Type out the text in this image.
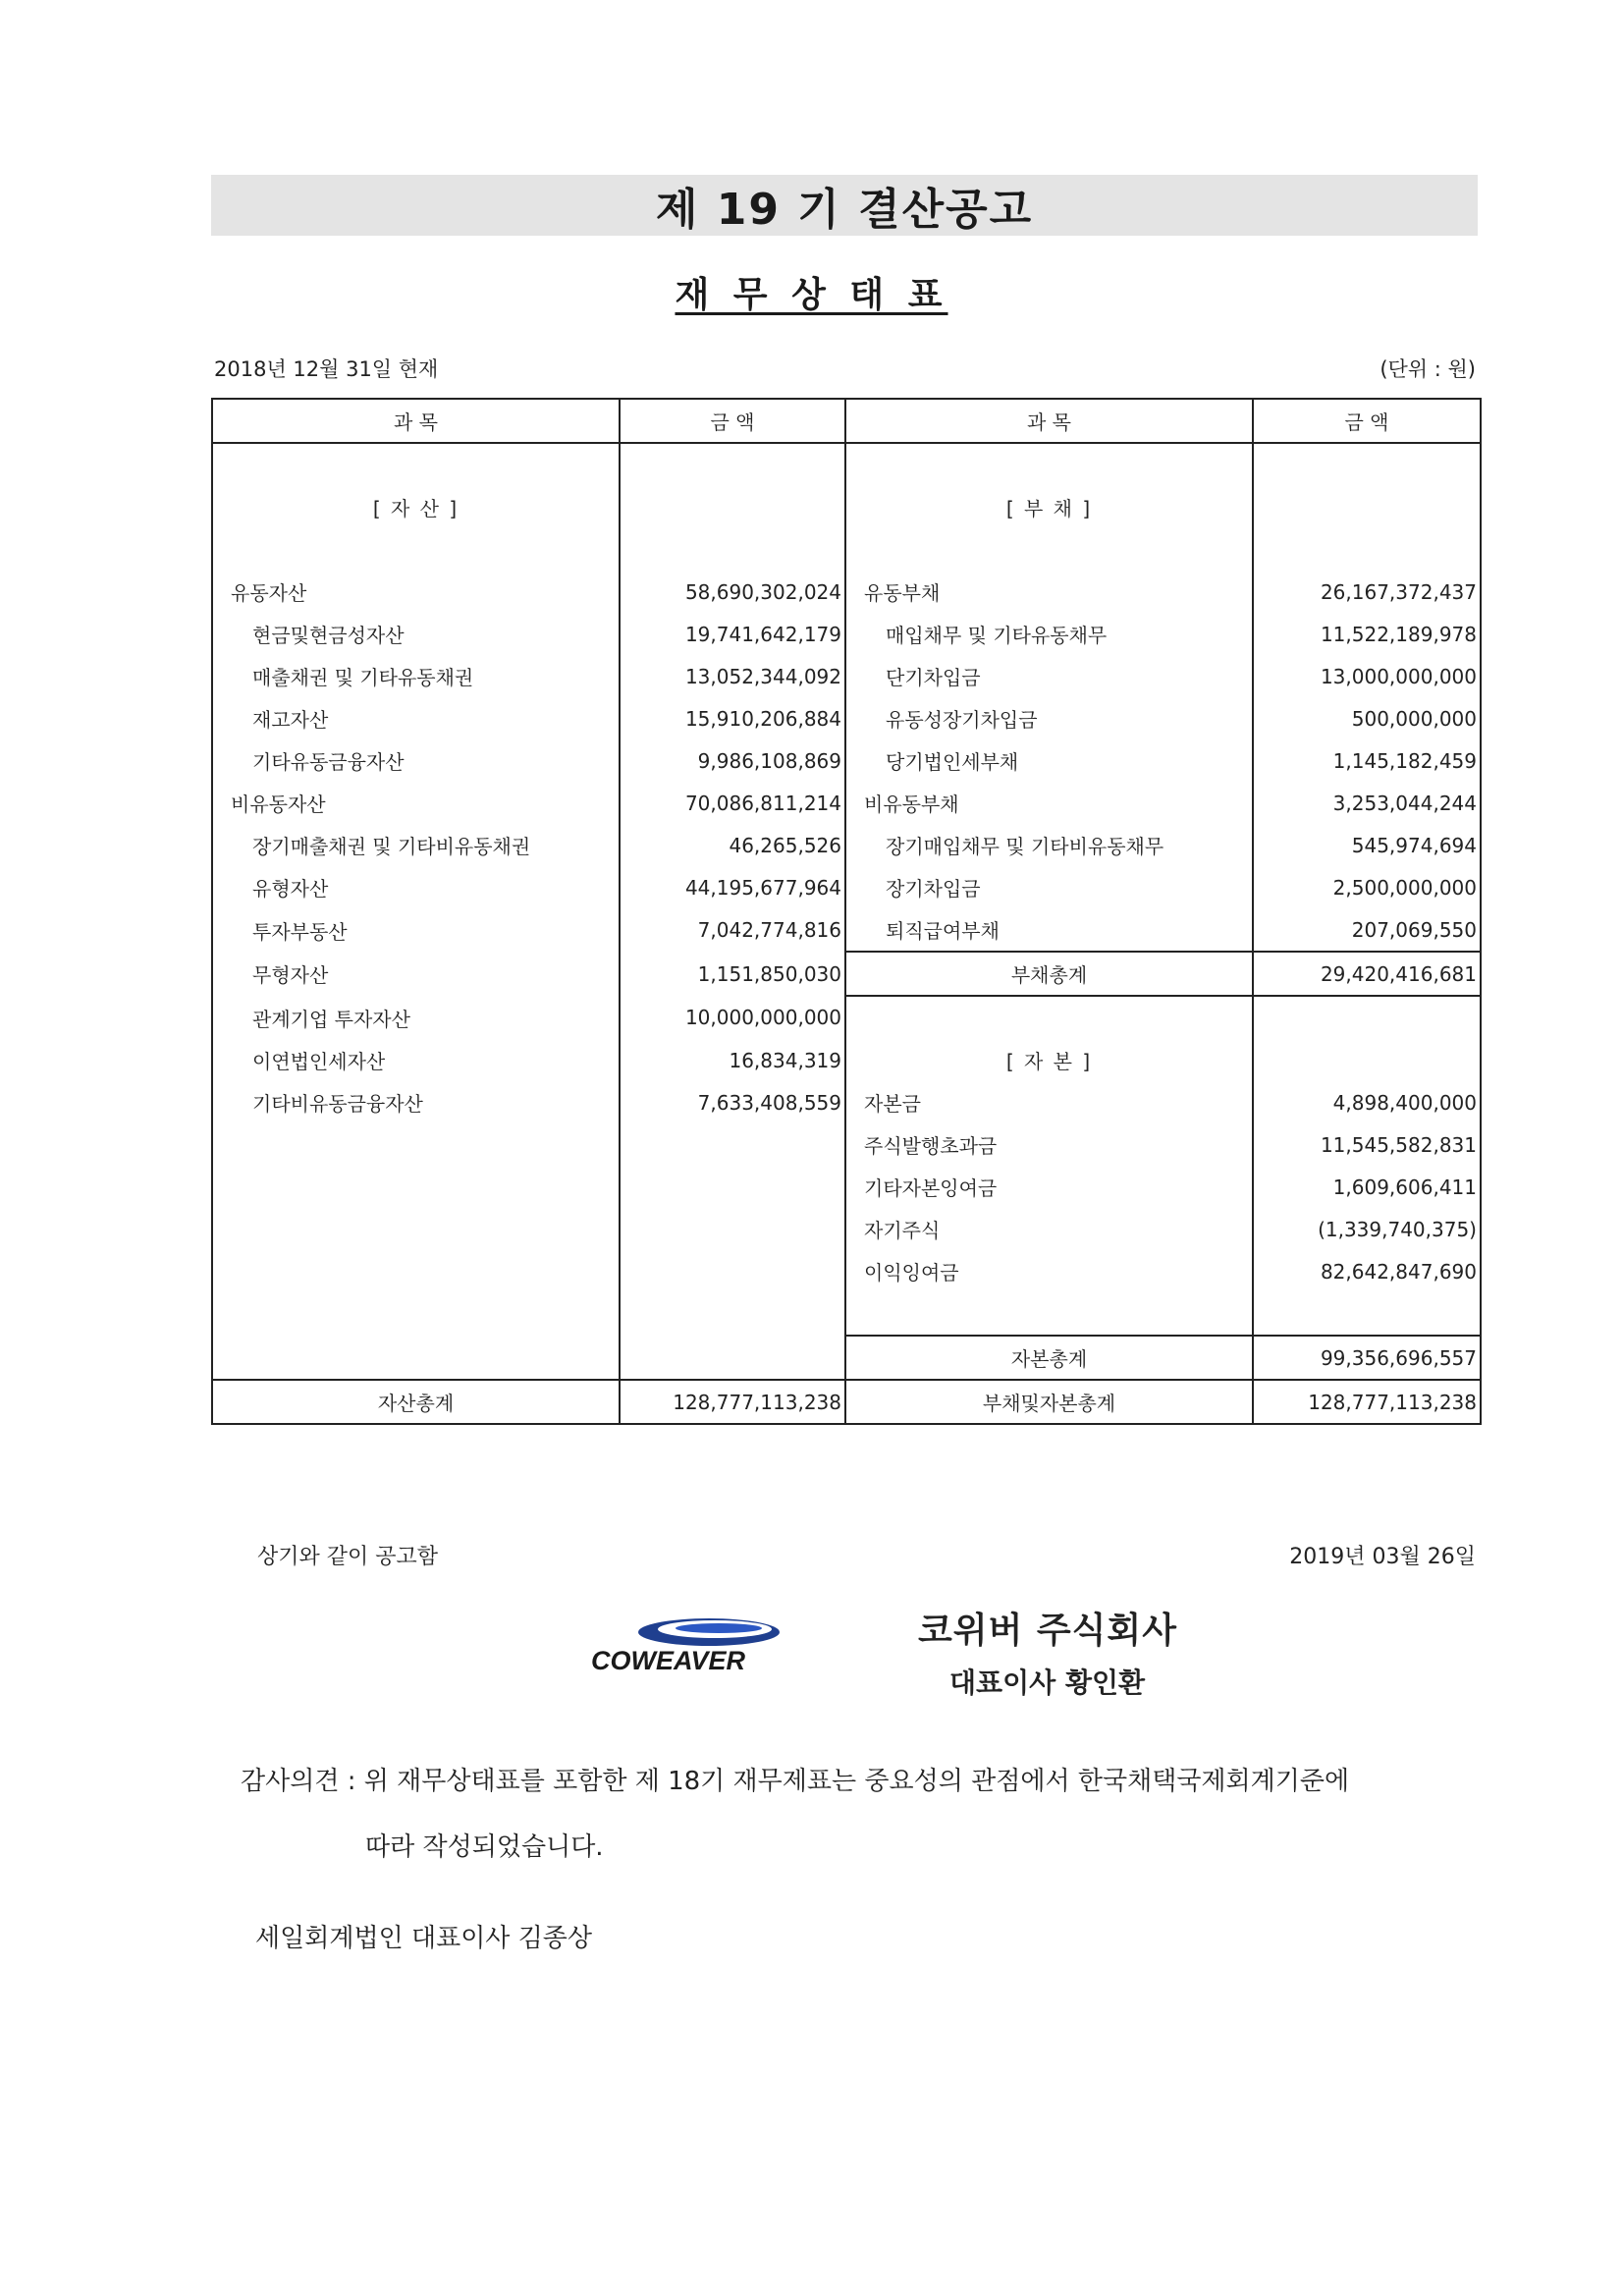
제 19 기 결산공고
재 무 상 태 표
2018년 12월 31일 현재	(단위 : 원)
과 목	금 액	과 목	금 액

[ 자 산 ]		[ 부 채 ]	

유동자산	58,690,302,024	유동부채	26,167,372,437
현금및현금성자산	19,741,642,179	매입채무 및 기타유동채무	11,522,189,978
매출채권 및 기타유동채권	13,052,344,092	단기차입금	13,000,000,000
재고자산	15,910,206,884	유동성장기차입금	500,000,000
기타유동금융자산	9,986,108,869	당기법인세부채	1,145,182,459
비유동자산	70,086,811,214	비유동부채	3,253,044,244
장기매출채권 및 기타비유동채권	46,265,526	장기매입채무 및 기타비유동채무	545,974,694
유형자산	44,195,677,964	장기차입금	2,500,000,000
투자부동산	7,042,774,816	퇴직급여부채	207,069,550
무형자산	1,151,850,030	부채총계	29,420,416,681
관계기업 투자자산	10,000,000,000		
이연법인세자산	16,834,319	[ 자 본 ]	
기타비유동금융자산	7,633,408,559	자본금	4,898,400,000
		주식발행초과금	11,545,582,831
		기타자본잉여금	1,609,606,411
		자기주식	(1,339,740,375)
		이익잉여금	82,642,847,690

		자본총계	99,356,696,557
자산총계	128,777,113,238	부채및자본총계	128,777,113,238
상기와 같이 공고함	2019년 03월 26일
COWEAVER
코위버 주식회사
대표이사 황인환
감사의견 : 위 재무상태표를 포함한 제 18기 재무제표는 중요성의 관점에서 한국채택국제회계기준에
따라 작성되었습니다.
세일회계법인 대표이사 김종상
